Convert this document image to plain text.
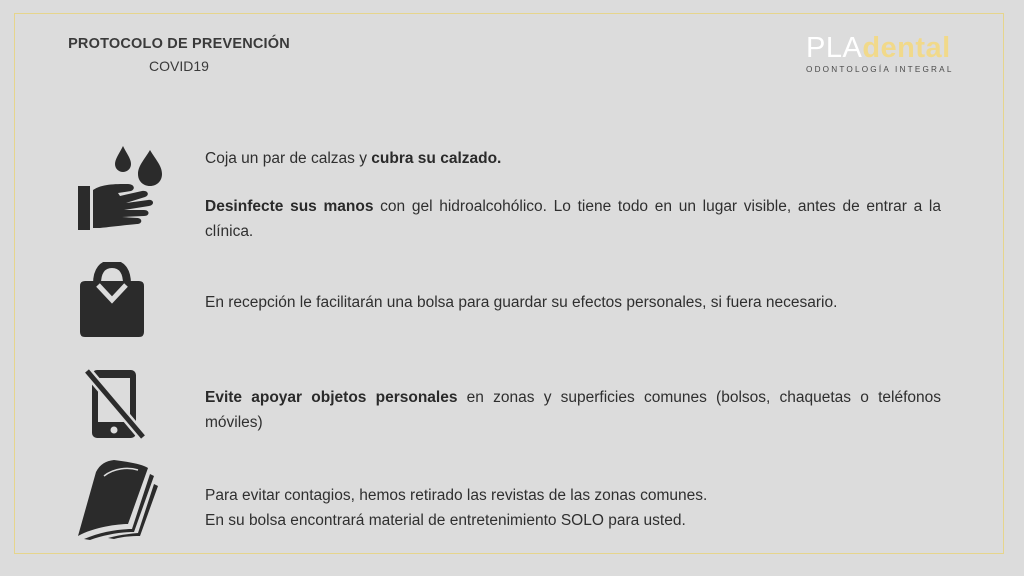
PROTOCOLO DE PREVENCIÓN
COVID19
PLAdental
ODONTOLOGÍA INTEGRAL

Coja un par de calzas y cubra su calzado.

Desinfecte sus manos con gel hidroalcohólico. Lo tiene todo en un lugar visible, antes de entrar a la clínica.

En recepción le facilitarán una bolsa para guardar su efectos personales, si fuera necesario.

Evite apoyar objetos personales en zonas y superficies comunes (bolsos, chaquetas o teléfonos móviles)

Para evitar contagios, hemos retirado las revistas de las zonas comunes.
En su bolsa encontrará material de entretenimiento SOLO para usted.
